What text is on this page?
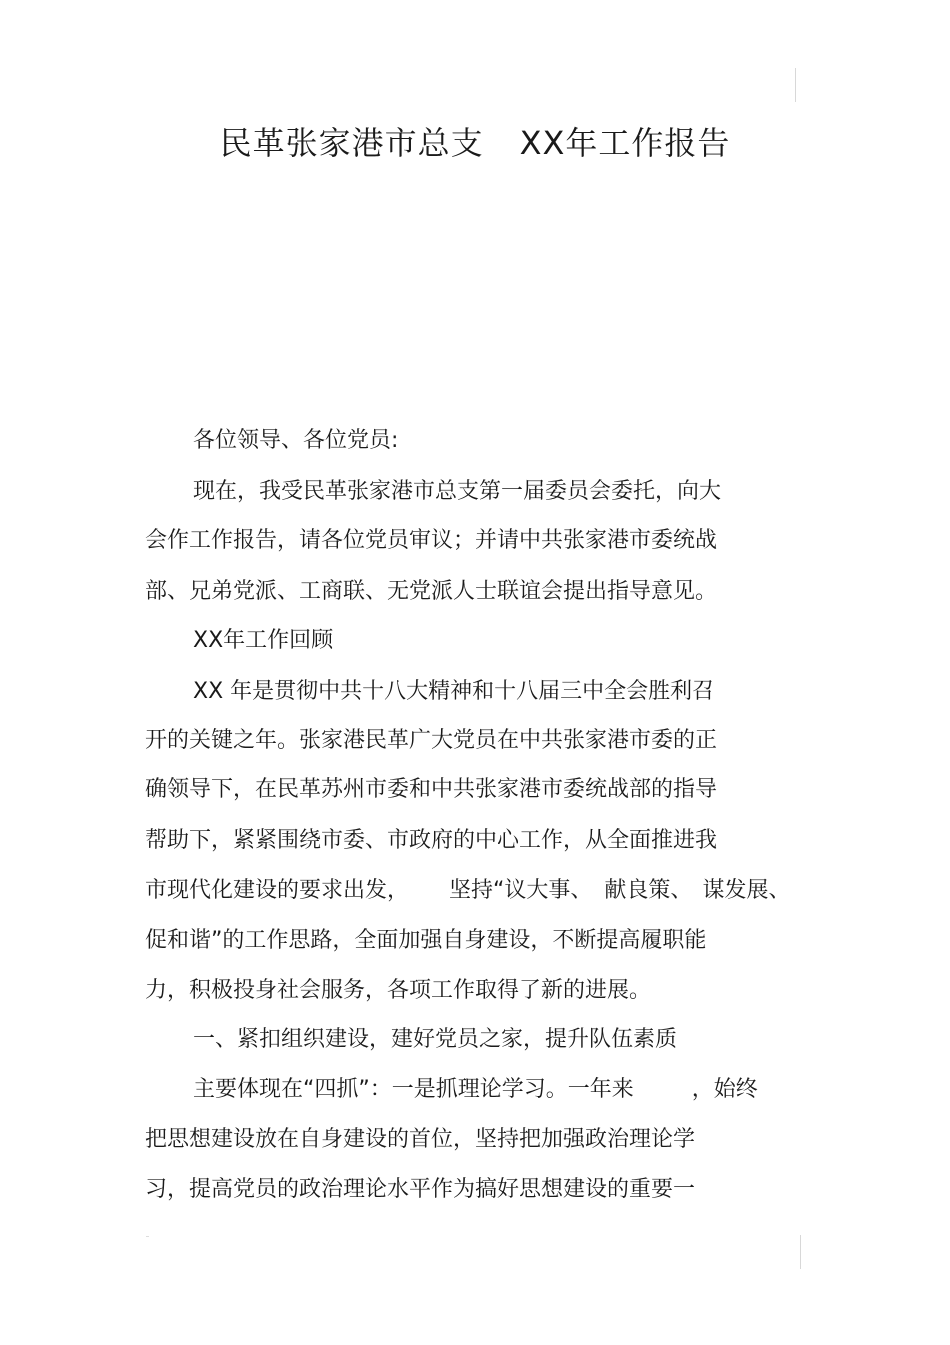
民革张家港市总支 XX年工作报告
各位领导、各位党员:
现在，我受民革张家港市总支第一届委员会委托，向大
会作工作报告，请各位党员审议；并请中共张家港市委统战
部、兄弟党派、工商联、无党派人士联谊会提出指导意见。
XX年工作回顾
XX 年是贯彻中共十八大精神和十八届三中全会胜利召
开的关键之年。张家港民革广大党员在中共张家港市委的正
确领导下，在民革苏州市委和中共张家港市委统战部的指导
帮助下，紧紧围绕市委、市政府的中心工作，从全面推进我
市现代化建设的要求出发， 坚持“议大事、 献良策、 谋发展、
促和谐”的工作思路，全面加强自身建设，不断提高履职能
力，积极投身社会服务，各项工作取得了新的进展。
一、紧扣组织建设，建好党员之家，提升队伍素质
主要体现在“四抓”：一是抓理论学习。一年来	，始终
把思想建设放在自身建设的首位，坚持把加强政治理论学
习，提高党员的政治理论水平作为搞好思想建设的重要一
